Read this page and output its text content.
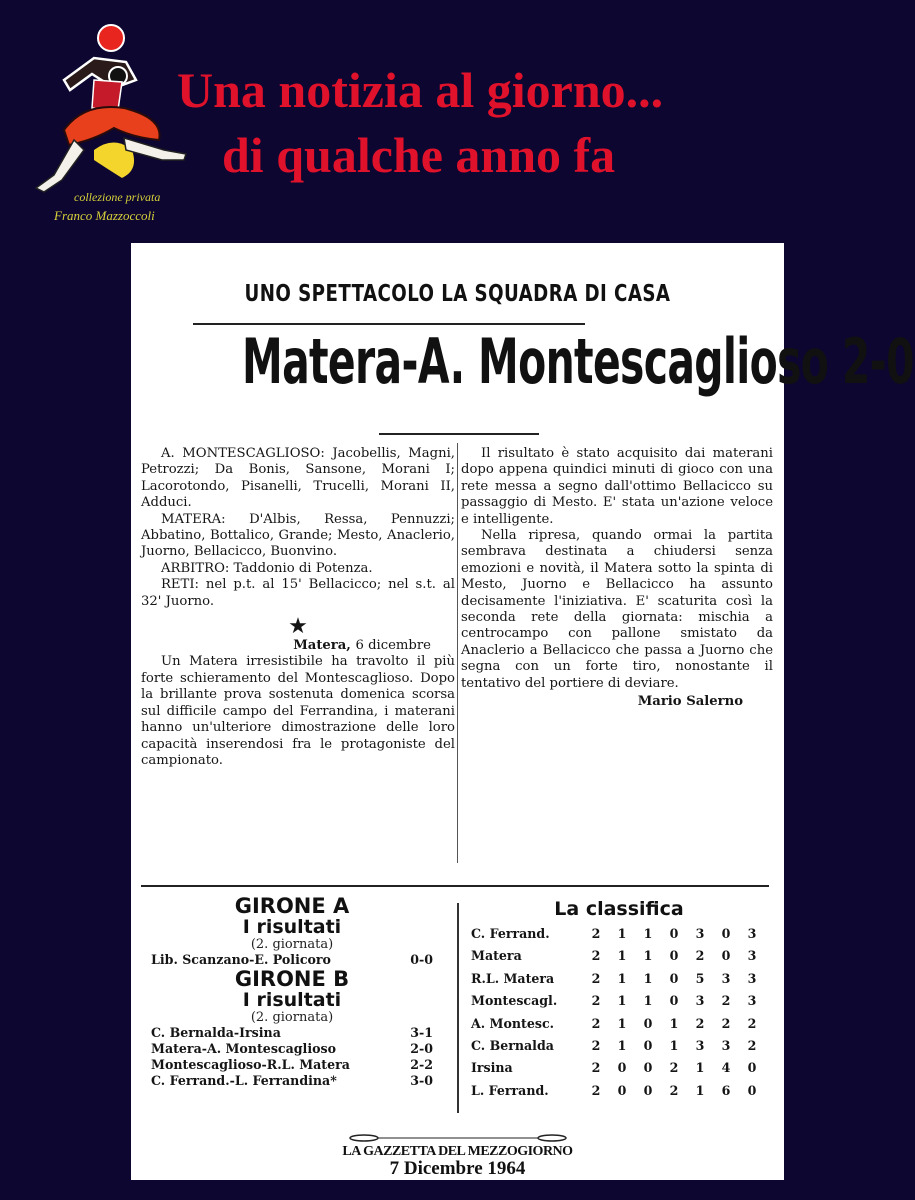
collezione privata
Franco Mazzoccoli
Una notizia al giorno...
di qualche anno fa
UNO SPETTACOLO LA SQUADRA DI CASA
Matera-A. Montescaglioso 2-0

A. MONTESCAGLIOSO: Jacobellis, Magni, Petrozzi; Da Bonis, Sansone, Morani I; Lacorotondo, Pisanelli, Trucelli, Morani II, Adduci.

MATERA: D'Albis, Ressa, Pennuzzi; Abbatino, Bottalico, Grande; Mesto, Anaclerio, Juorno, Bellacicco, Buonvino.

ARBITRO: Taddonio di Potenza.

RETI: nel p.t. al 15' Bellacicco; nel s.t. al 32' Juorno.

★

Matera, 6 dicembre

Un Matera irresistibile ha travolto il più forte schieramento del Montescaglioso. Dopo la brillante prova sostenuta domenica scorsa sul difficile campo del Ferrandina, i materani hanno un'ulteriore dimostrazione delle loro capacità inserendosi fra le protagoniste del campionato.

Il risultato è stato acquisito dai materani dopo appena quindici minuti di gioco con una rete messa a segno dall'ottimo Bellacicco su passaggio di Mesto. E' stata un'azione veloce e intelligente.

Nella ripresa, quando ormai la partita sembrava destinata a chiudersi senza emozioni e novità, il Matera sotto la spinta di Mesto, Juorno e Bellacicco ha assunto decisamente l'iniziativa. E' scaturita così la seconda rete della giornata: mischia a centrocampo con pallone smistato da Anaclerio a Bellacicco che passa a Juorno che segna con un forte tiro, nonostante il tentativo del portiere di deviare.

Mario Salerno

GIRONE A
I risultati
(2. giornata)
Lib. Scanzano-E. Policoro	0-0
GIRONE B
I risultati
(2. giornata)
C. Bernalda-Irsina	3-1
Matera-A. Montescaglioso	2-0
Montescaglioso-R.L. Matera	2-2
C. Ferrand.-L. Ferrandina*	3-0
La classifica
C. Ferrand.	2	1	1	0	3	0	3
Matera	2	1	1	0	2	0	3
R.L. Matera	2	1	1	0	5	3	3
Montescagl.	2	1	1	0	3	2	3
A. Montesc.	2	1	0	1	2	2	2
C. Bernalda	2	1	0	1	3	3	2
Irsina	2	0	0	2	1	4	0
L. Ferrand.	2	0	0	2	1	6	0
LA GAZZETTA DEL MEZZOGIORNO
7 Dicembre 1964
